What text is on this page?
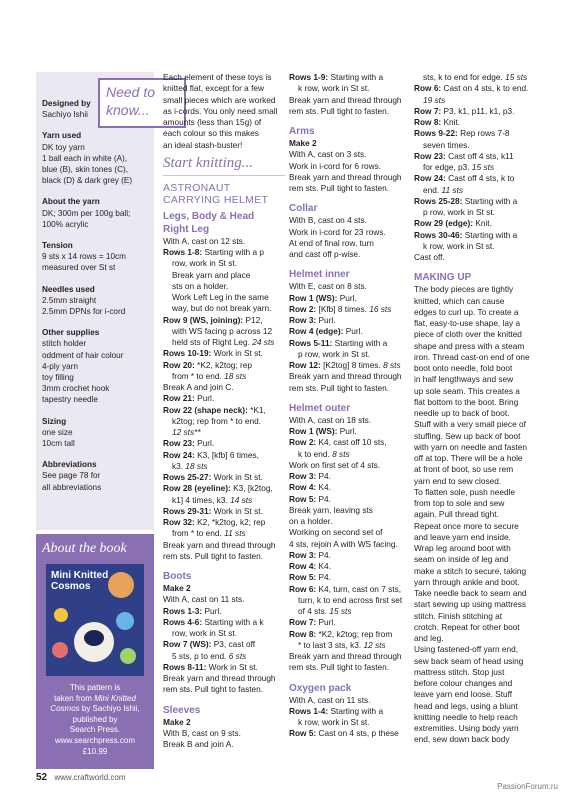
Need to
know...
Designed by
Sachiyo Ishii
Yarn used
DK toy yarn
1 ball each in white (A),
blue (B), skin tones (C),
black (D) & dark grey (E)
About the yarn
DK; 300m per 100g ball;
100% acrylic
Tension
9 sts x 14 rows = 10cm
measured over St st
Needles used
2.5mm straight
2.5mm DPNs for i-cord
Other supplies
stitch holder
oddment of hair colour
4-ply yarn
toy filling
3mm crochet hook
tapestry needle
Sizing
one size
10cm tall
Abbreviations
See page 78 for
all abbreviations
About the book
Mini Knitted
Cosmos
This pattern is
taken from Mini Knitted
Cosmos by Sachiyo Ishii,
published by
Search Press.
www.searchpress.com
£10.99

Each element of these toys is

knitted flat, except for a few

small pieces which are worked

as i-cords. You only need small

amounts (less than 15g) of

each colour so this makes

an ideal stash-buster!

Start knitting...
ASTRONAUT
CARRYING HELMET
Legs, Body & Head
Right Leg

With A, cast on 12 sts.

Rows 1-8: Starting with a p

row, work in St st.

Break yarn and place

sts on a holder.

Work Left Leg in the same

way, but do not break yarn.

Row 9 (WS, joining): P12,

with WS facing p across 12

held sts of Right Leg. 24 sts

Rows 10-19: Work in St st.

Row 20: *K2, k2tog; rep

from * to end. 18 sts

Break A and join C.

Row 21: Purl.

Row 22 (shape neck): *K1,

k2tog; rep from * to end.

12 sts**

Row 23: Purl.

Row 24: K3, [kfb] 6 times,

k3. 18 sts

Rows 25-27: Work in St st.

Row 28 (eyeline): K3, [k2tog,

k1] 4 times, k3. 14 sts

Rows 29-31: Work in St st.

Row 32: K2, *k2tog, k2; rep

from * to end. 11 sts

Break yarn and thread through

rem sts. Pull tight to fasten.

Boots

Make 2

With A, cast on 11 sts.

Rows 1-3: Purl.

Rows 4-6: Starting with a k

row, work in St st.

Row 7 (WS): P3, cast off

5 sts, p to end. 6 sts

Rows 8-11: Work in St st.

Break yarn and thread through

rem sts. Pull tight to fasten.

Sleeves

Make 2

With B, cast on 9 sts.

Break B and join A.

Rows 1-9: Starting with a

k row, work in St st.

Break yarn and thread through

rem sts. Pull tight to fasten.

Arms

Make 2

With A, cast on 3 sts.

Work in i-cord for 6 rows.

Break yarn and thread through

rem sts. Pull tight to fasten.

Collar

With B, cast on 4 sts.

Work in i-cord for 23 rows.

At end of final row, turn

and cast off p-wise.

Helmet inner

With E, cast on 8 sts.

Row 1 (WS): Purl.

Row 2: [Kfb] 8 times. 16 sts

Row 3: Purl.

Row 4 (edge): Purl.

Rows 5-11: Starting with a

p row, work in St st.

Row 12: [K2tog] 8 times. 8 sts

Break yarn and thread through

rem sts. Pull tight to fasten.

Helmet outer

With A, cast on 18 sts.

Row 1 (WS): Purl.

Row 2: K4, cast off 10 sts,

k to end. 8 sts

Work on first set of 4 sts.

Row 3: P4.

Row 4: K4.

Row 5: P4.

Break yarn, leaving sts

on a holder.

Working on second set of

4 sts, rejoin A with WS facing.

Row 3: P4.

Row 4: K4.

Row 5: P4.

Row 6: K4, turn, cast on 7 sts,

turn, k to end across first set

of 4 sts. 15 sts

Row 7: Purl.

Row 8: *K2, k2tog; rep from

* to last 3 sts, k3. 12 sts

Break yarn and thread through

rem sts. Pull tight to fasten.

Oxygen pack

With A, cast on 11 sts.

Rows 1-4: Starting with a

k row, work in St st.

Row 5: Cast on 4 sts, p these

sts, k to end for edge. 15 sts

Row 6: Cast on 4 sts, k to end.

19 sts

Row 7: P3, k1, p11, k1, p3.

Row 8: Knit.

Rows 9-22: Rep rows 7-8

seven times.

Row 23: Cast off 4 sts, k11

for edge, p3. 15 sts

Row 24: Cast off 4 sts, k to

end. 11 sts

Rows 25-28: Starting with a

p row, work in St st.

Row 29 (edge): Knit.

Rows 30-46: Starting with a

k row, work in St st.

Cast off.

MAKING UP

The body pieces are tightly

knitted, which can cause

edges to curl up. To create a

flat, easy-to-use shape, lay a

piece of cloth over the knitted

shape and press with a steam

iron. Thread cast-on end of one

boot onto needle, fold boot

in half lengthways and sew

up sole seam. This creates a

flat bottom to the boot. Bring

needle up to back of boot.

Stuff with a very small piece of

stuffing. Sew up back of boot

with yarn on needle and fasten

off at top. There will be a hole

at front of boot, so use rem

yarn end to sew closed.

To flatten sole, push needle

from top to sole and sew

again. Pull thread tight.

Repeat once more to secure

and leave yarn end inside.

Wrap leg around boot with

seam on inside of leg and

make a stitch to secure, taking

yarn through ankle and boot.

Take needle back to seam and

start sewing up using mattress

stitch. Finish stitching at

crotch. Repeat for other boot

and leg.

Using fastened-off yarn end,

sew back seam of head using

mattress stitch. Stop just

before colour changes and

leave yarn end loose. Stuff

head and legs, using a blunt

knitting needle to help reach

extremities. Using body yarn

end, sew down back body

52 www.craftworld.com
PassionForum.ru
